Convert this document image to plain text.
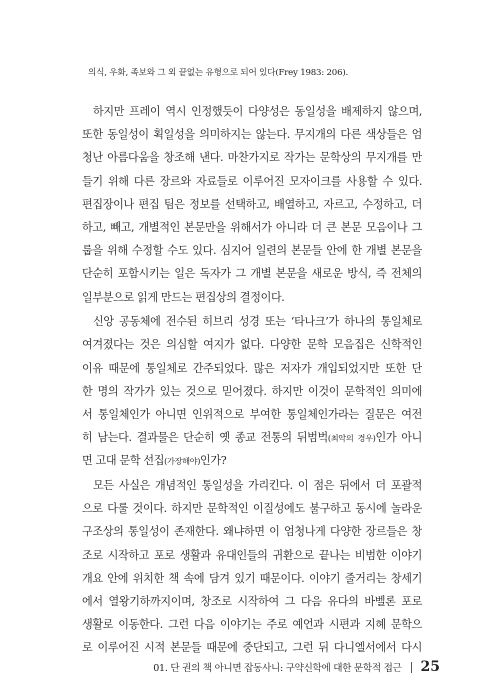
의식, 우화, 족보와 그 외 끝없는 유형으로 되어 있다(Frey 1983: 206).
하지만 프레이 역시 인정했듯이 다양성은 동일성을 배제하지 않으며,
또한 동일성이 획일성을 의미하지는 않는다. 무지개의 다른 색상들은 엄
청난 아름다움을 창조해 낸다. 마찬가지로 작가는 문학상의 무지개를 만
들기 위해 다른 장르와 자료들로 이루어진 모자이크를 사용할 수 있다.
편집장이나 편집 팀은 정보를 선택하고, 배열하고, 자르고, 수정하고, 더
하고, 빼고, 개별적인 본문만을 위해서가 아니라 더 큰 본문 모음이나 그
룹을 위해 수정할 수도 있다. 심지어 일련의 본문들 안에 한 개별 본문을
단순히 포함시키는 일은 독자가 그 개별 본문을 새로운 방식, 즉 전체의
일부분으로 읽게 만드는 편집상의 결정이다.
신앙 공동체에 전수된 히브리 성경 또는 ‘타나크’가 하나의 통일체로
여겨졌다는 것은 의심할 여지가 없다. 다양한 문학 모음집은 신학적인
이유 때문에 통일체로 간주되었다. 많은 저자가 개입되었지만 또한 단
한 명의 작가가 있는 것으로 믿어졌다. 하지만 이것이 문학적인 의미에
서 통일체인가 아니면 인위적으로 부여한 통일체인가라는 질문은 여전
히 남는다. 결과물은 단순히 옛 종교 전통의 뒤범벅(최악의 경우)인가 아니
면 고대 문학 선집(가장해야)인가?
모든 사실은 개념적인 통일성을 가리킨다. 이 점은 뒤에서 더 포괄적
으로 다룰 것이다. 하지만 문학적인 이질성에도 불구하고 동시에 놀라운
구조상의 통일성이 존재한다. 왜냐하면 이 엄청나게 다양한 장르들은 창
조로 시작하고 포로 생활과 유대인들의 귀환으로 끝나는 비범한 이야기
개요 안에 위치한 책 속에 담겨 있기 때문이다. 이야기 줄거리는 창세기
에서 열왕기하까지이며, 창조로 시작하여 그 다음 유다의 바벨론 포로
생활로 이동한다. 그런 다음 이야기는 주로 예언과 시편과 지혜 문학으
로 이루어진 시적 본문들 때문에 중단되고, 그런 뒤 다니엘서에서 다시
01. 단 권의 책 아니면 잡동사니: 구약신학에 대한 문학적 접근 25
